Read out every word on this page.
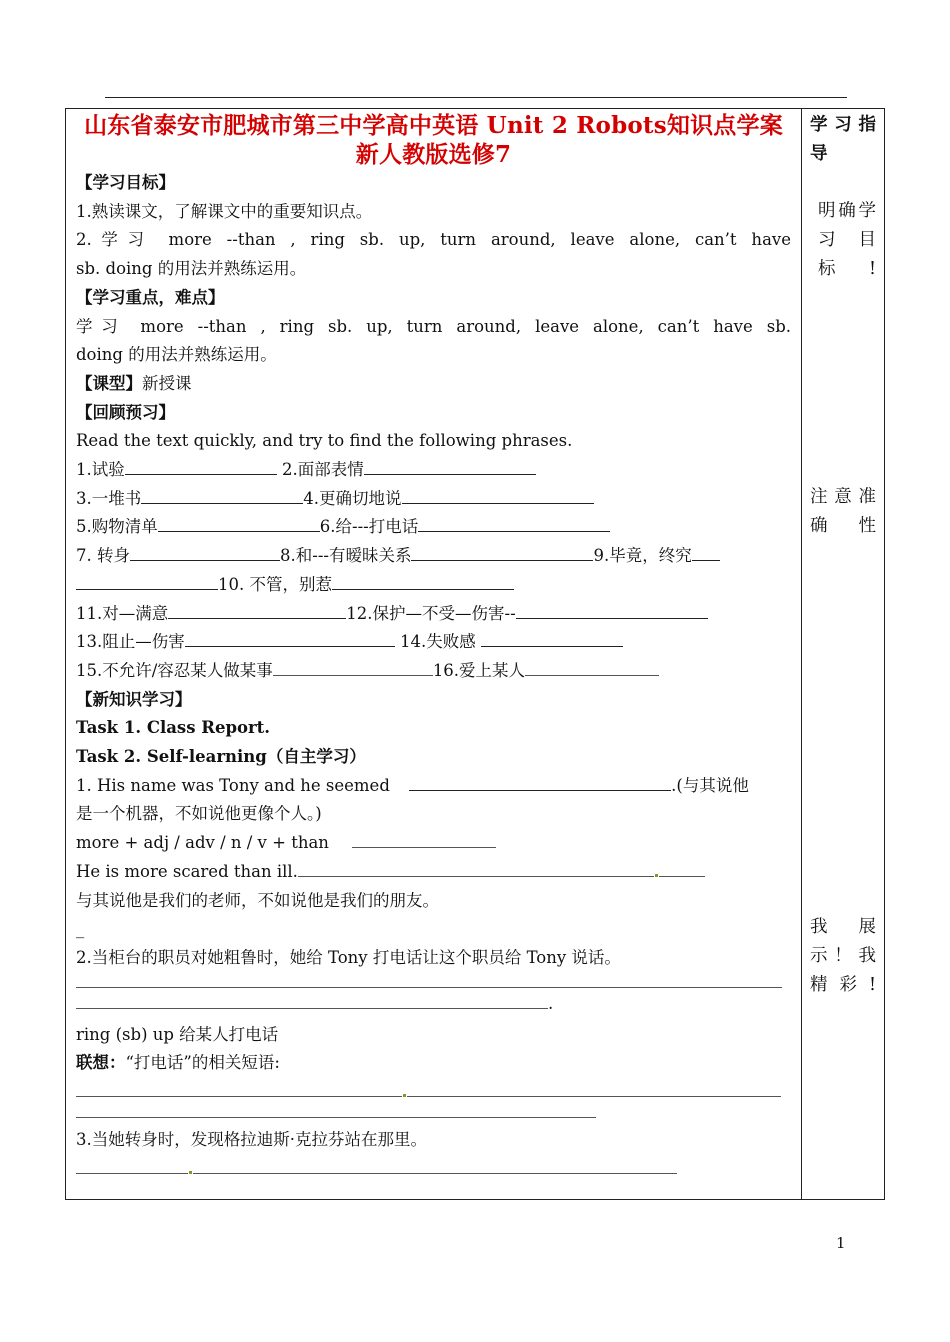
山东省泰安市肥城市第三中学高中英语 Unit 2 Robots知识点学案 新人教版选修7
【学习目标】
1.熟读课文，了解课文中的重要知识点。
2.学习 more --than , ring sb. up, turn around, leave alone, can’t have
sb. doing 的用法并熟练运用。
【学习重点，难点】
学习 more --than , ring sb. up, turn around, leave alone, can’t have sb.
doing 的用法并熟练运用。
【课型】新授课
【回顾预习】
Read the text quickly, and try to find the following phrases.
1.试验	2.面部表情
3.一堆书	4.更确切地说
5.购物清单	6.给---打电话
7. 转身	8.和---有暧昧关系	9.毕竟，终究
10. 不管，别惹
11.对—满意	12.保护—不受—伤害--
13.阻止—伤害	14.失败感
15.不允许/容忍某人做某事	16.爱上某人
【新知识学习】
Task 1. Class Report.
Task 2. Self-learning（自主学习）
1. His name was Tony and he seemed	.(与其说他
是一个机器，不如说他更像个人。)
more + adj / adv / n / v + than
He is more scared than ill.
与其说他是我们的老师，不如说他是我们的朋友。
_
2.当柜台的职员对她粗鲁时，她给 Tony 打电话让这个职员给 Tony 说话。
.
ring (sb) up 给某人打电话
联想：“打电话”的相关短语:
3.当她转身时，发现格拉迪斯·克拉芬站在那里。
学习指导
明确学习目标!
注意准确性
我展示！我精彩!
1
